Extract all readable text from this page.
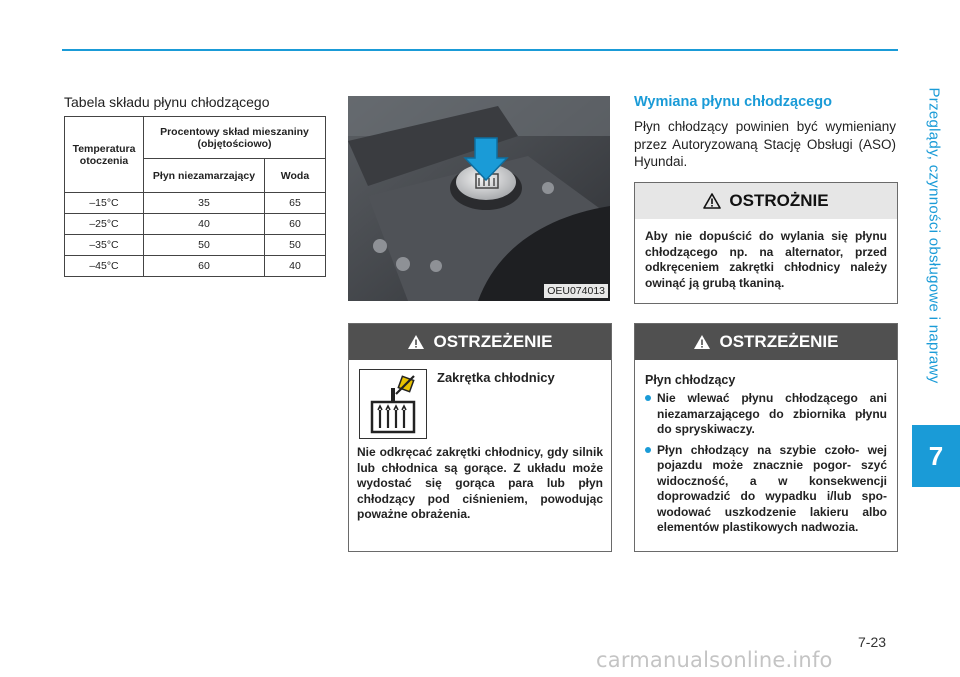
Przeglądy, czynności obsługowe i naprawy
7
Tabela składu płynu chłodzącego
Temperatura otoczenia	Procentowy skład mieszaniny (objętościowo)	
	Płyn niezamarzający	Woda
–15°C	35	65
–25°C	40	60
–35°C	50	50
–45°C	60	40
OEU074013
Wymiana płynu chłodzącego
Płyn chłodzący powinien być wymieniany przez Autoryzowaną Stację Obsługi (ASO) Hyundai.
OSTROŻNIE
Aby nie dopuścić do wylania się płynu chłodzącego np. na alternator, przed odkręceniem zakrętki chłodnicy należy owinąć ją grubą tkaniną.
OSTRZEŻENIE
Zakrętka chłodnicy
Nie odkręcać zakrętki chłodnicy, gdy silnik lub chłodnica są gorące. Z układu może wydostać się gorąca para lub płyn chłodzący pod ciśnieniem, powodując poważne obrażenia.
OSTRZEŻENIE
Płyn chłodzący
Nie wlewać płynu chłodzącego ani niezamarzającego do zbiornika płynu do spryskiwaczy.
Płyn chłodzący na szybie czoło- wej pojazdu może znacznie pogor- szyć widoczność, a w konsekwencji doprowadzić do wypadku i/lub spo- wodować uszkodzenie lakieru albo elementów plastikowych nadwozia.
7-23
carmanualsonline.info
